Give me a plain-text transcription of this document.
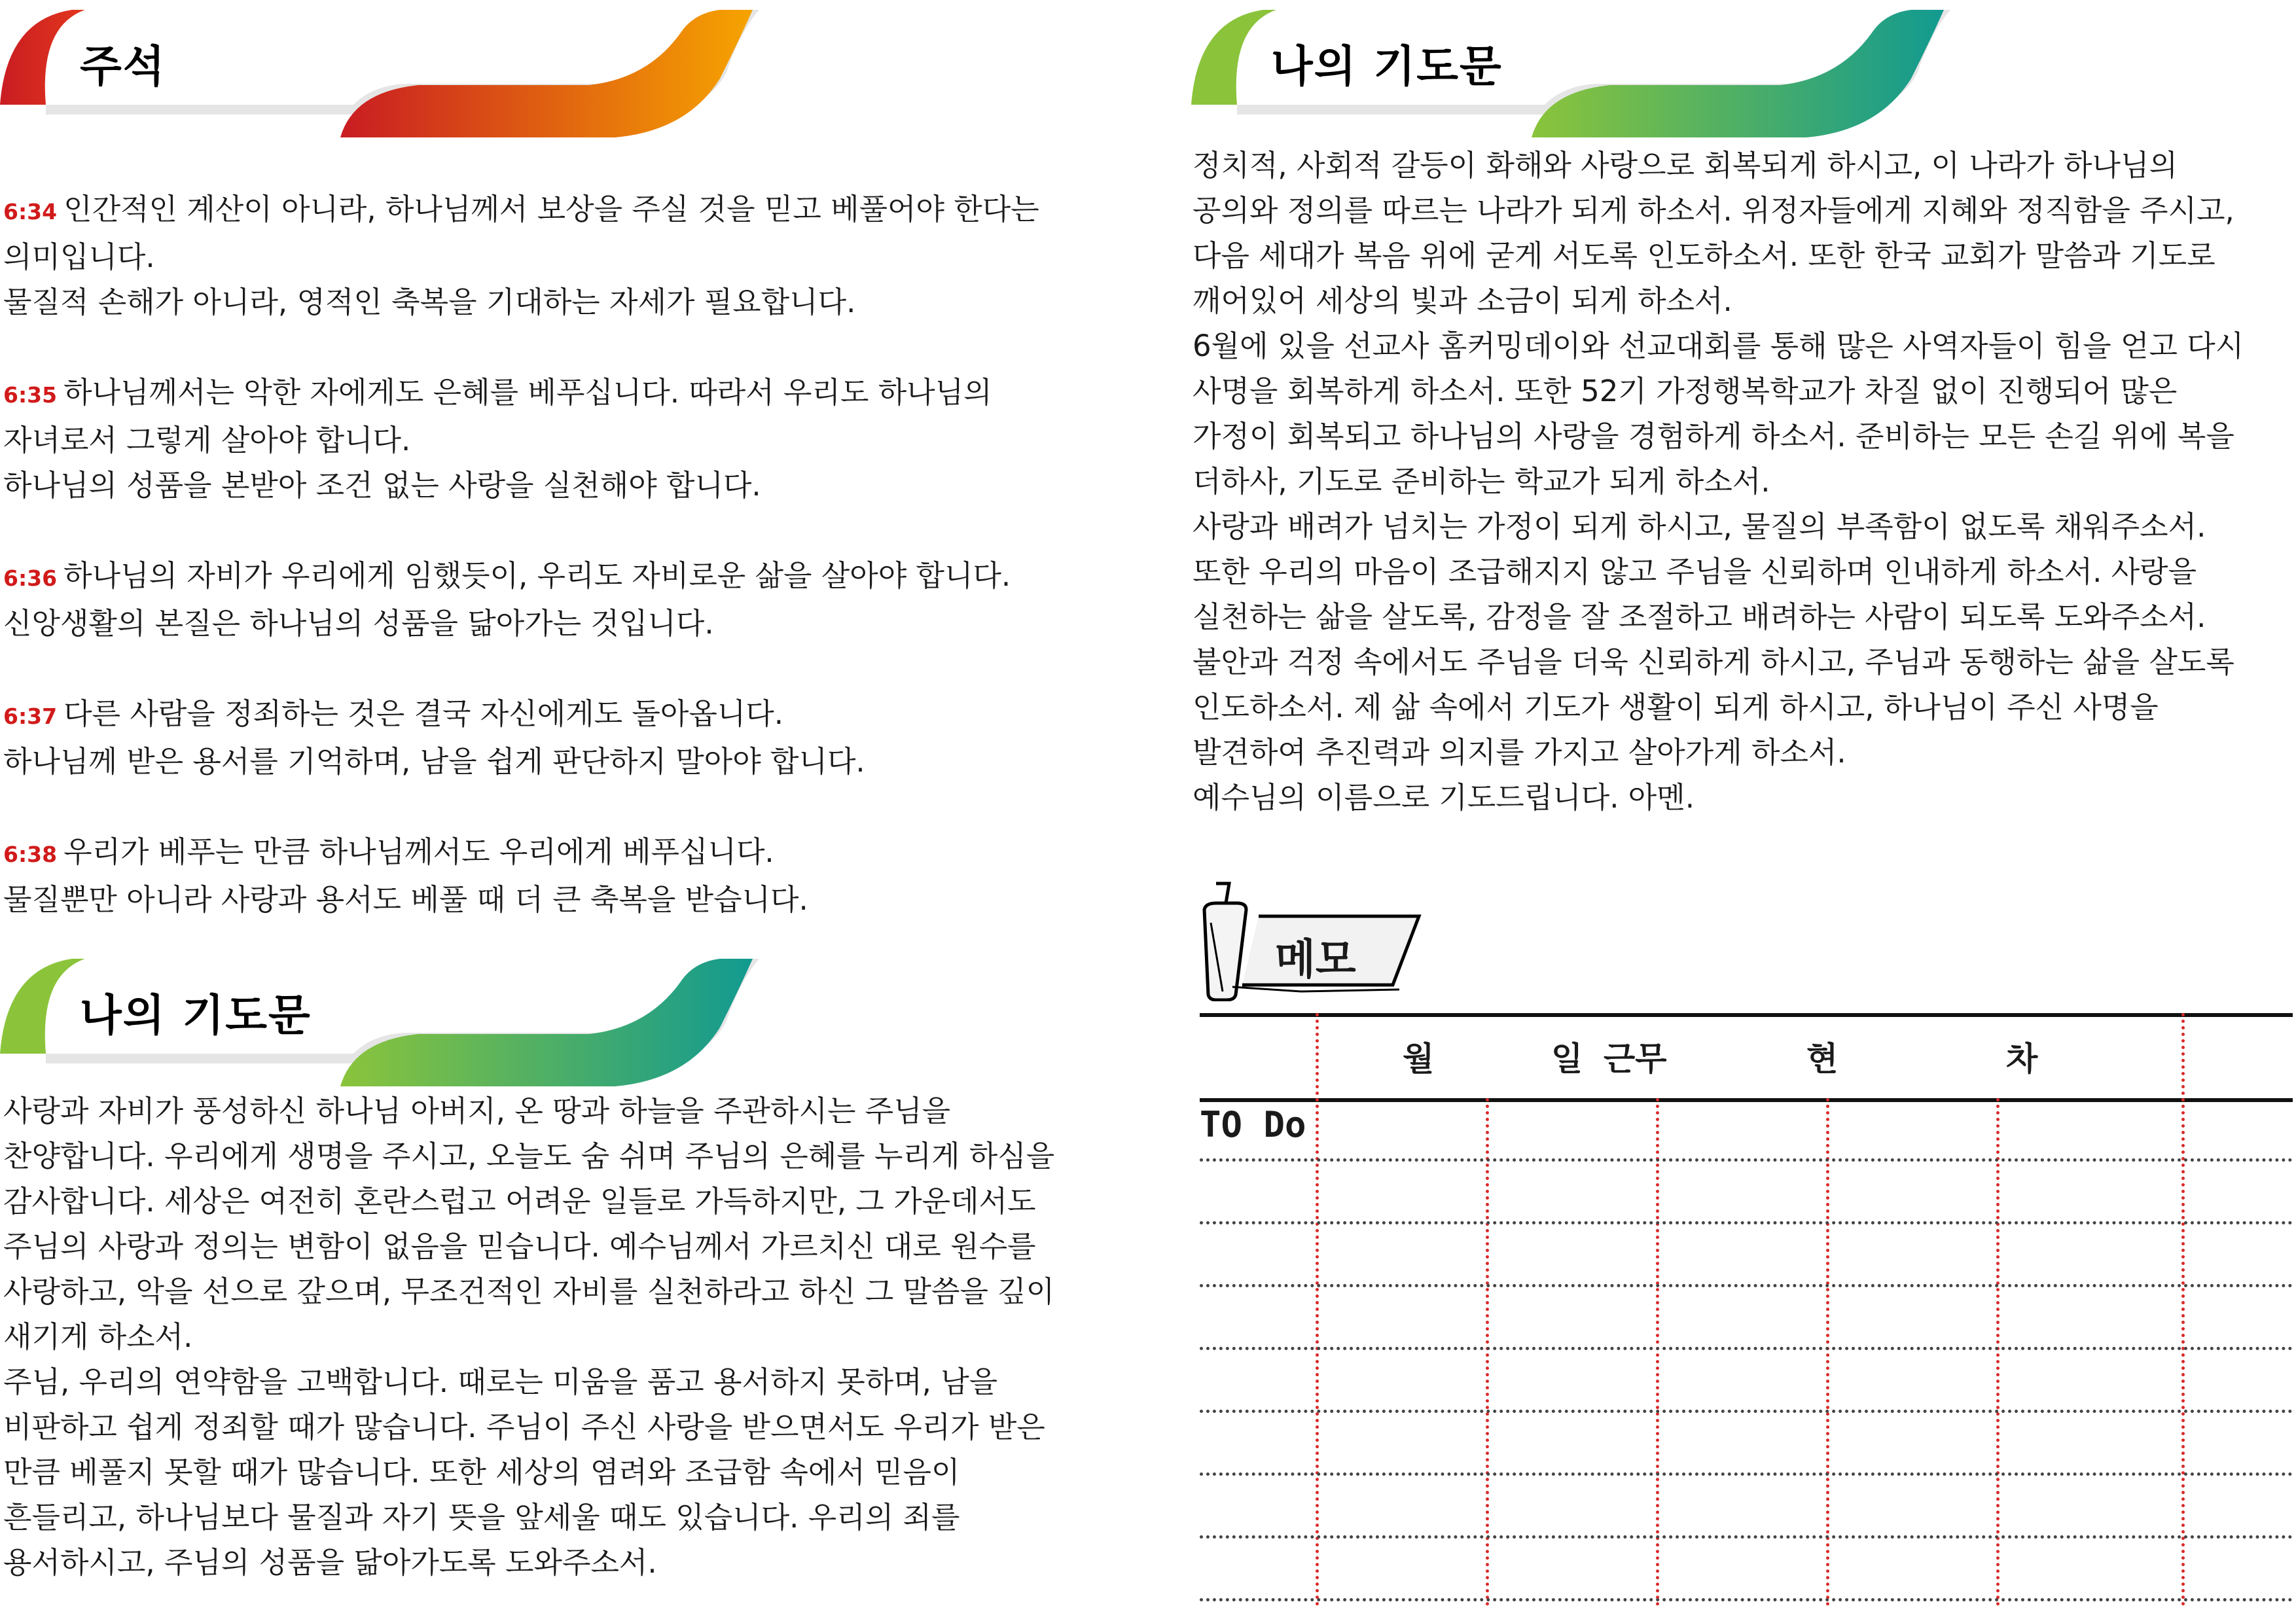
주석
6:34 인간적인 계산이 아니라, 하나님께서 보상을 주실 것을 믿고 베풀어야 한다는
의미입니다.
물질적 손해가 아니라, 영적인 축복을 기대하는 자세가 필요합니다.
6:35 하나님께서는 악한 자에게도 은혜를 베푸십니다. 따라서 우리도 하나님의
자녀로서 그렇게 살아야 합니다.
하나님의 성품을 본받아 조건 없는 사랑을 실천해야 합니다.
6:36 하나님의 자비가 우리에게 임했듯이, 우리도 자비로운 삶을 살아야 합니다.
신앙생활의 본질은 하나님의 성품을 닮아가는 것입니다.
6:37 다른 사람을 정죄하는 것은 결국 자신에게도 돌아옵니다.
하나님께 받은 용서를 기억하며, 남을 쉽게 판단하지 말아야 합니다.
6:38 우리가 베푸는 만큼 하나님께서도 우리에게 베푸십니다.
물질뿐만 아니라 사랑과 용서도 베풀 때 더 큰 축복을 받습니다.
나의 기도문
사랑과 자비가 풍성하신 하나님 아버지, 온 땅과 하늘을 주관하시는 주님을
찬양합니다. 우리에게 생명을 주시고, 오늘도 숨 쉬며 주님의 은혜를 누리게 하심을
감사합니다. 세상은 여전히 혼란스럽고 어려운 일들로 가득하지만, 그 가운데서도
주님의 사랑과 정의는 변함이 없음을 믿습니다. 예수님께서 가르치신 대로 원수를
사랑하고, 악을 선으로 갚으며, 무조건적인 자비를 실천하라고 하신 그 말씀을 깊이
새기게 하소서.
주님, 우리의 연약함을 고백합니다. 때로는 미움을 품고 용서하지 못하며, 남을
비판하고 쉽게 정죄할 때가 많습니다. 주님이 주신 사랑을 받으면서도 우리가 받은
만큼 베풀지 못할 때가 많습니다. 또한 세상의 염려와 조급함 속에서 믿음이
흔들리고, 하나님보다 물질과 자기 뜻을 앞세울 때도 있습니다. 우리의 죄를
용서하시고, 주님의 성품을 닮아가도록 도와주소서.
나의 기도문
정치적, 사회적 갈등이 화해와 사랑으로 회복되게 하시고, 이 나라가 하나님의
공의와 정의를 따르는 나라가 되게 하소서. 위정자들에게 지혜와 정직함을 주시고,
다음 세대가 복음 위에 굳게 서도록 인도하소서. 또한 한국 교회가 말씀과 기도로
깨어있어 세상의 빛과 소금이 되게 하소서.
6월에 있을 선교사 홈커밍데이와 선교대회를 통해 많은 사역자들이 힘을 얻고 다시
사명을 회복하게 하소서. 또한 52기 가정행복학교가 차질 없이 진행되어 많은
가정이 회복되고 하나님의 사랑을 경험하게 하소서. 준비하는 모든 손길 위에 복을
더하사, 기도로 준비하는 학교가 되게 하소서.
사랑과 배려가 넘치는 가정이 되게 하시고, 물질의 부족함이 없도록 채워주소서.
또한 우리의 마음이 조급해지지 않고 주님을 신뢰하며 인내하게 하소서. 사랑을
실천하는 삶을 살도록, 감정을 잘 조절하고 배려하는 사람이 되도록 도와주소서.
불안과 걱정 속에서도 주님을 더욱 신뢰하게 하시고, 주님과 동행하는 삶을 살도록
인도하소서. 제 삶 속에서 기도가 생활이 되게 하시고, 하나님이 주신 사명을
발견하여 추진력과 의지를 가지고 살아가게 하소서.
예수님의 이름으로 기도드립니다. 아멘.
메모
월	일 근무	현	차
TO Do
